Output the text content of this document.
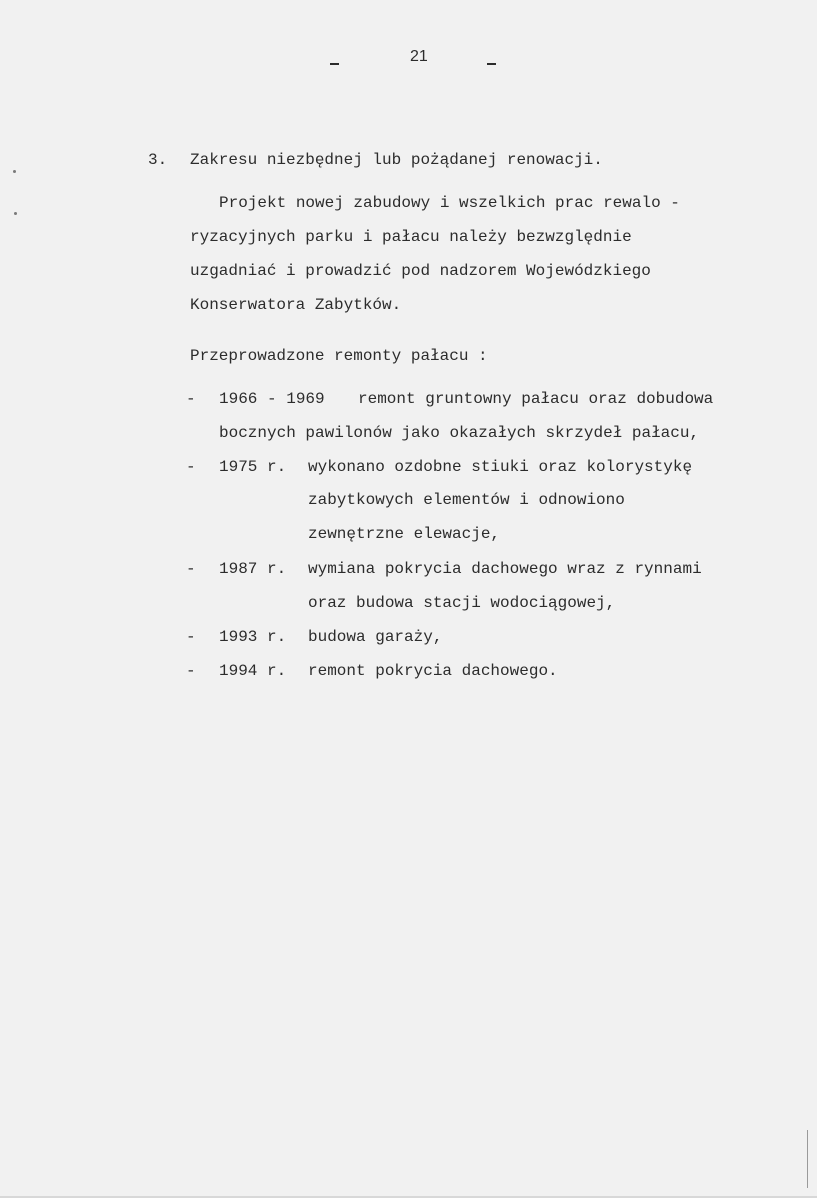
21
3. Zakresu niezbędnej lub pożądanej renowacji.
Projekt nowej zabudowy i wszelkich prac rewalo -
ryzacyjnych parku i pałacu należy bezwzględnie
uzgadniać i prowadzić pod nadzorem Wojewódzkiego
Konserwatora Zabytków.
Przeprowadzone remonty pałacu :
- 1966 - 1969 remont gruntowny pałacu oraz dobudowa
bocznych pawilonów jako okazałych skrzydeł pałacu,
- 1975 r. wykonano ozdobne stiuki oraz kolorystykę
zabytkowych elementów i odnowiono
zewnętrzne elewacje,
- 1987 r. wymiana pokrycia dachowego wraz z rynnami
oraz budowa stacji wodociągowej,
- 1993 r. budowa garaży,
- 1994 r. remont pokrycia dachowego.
